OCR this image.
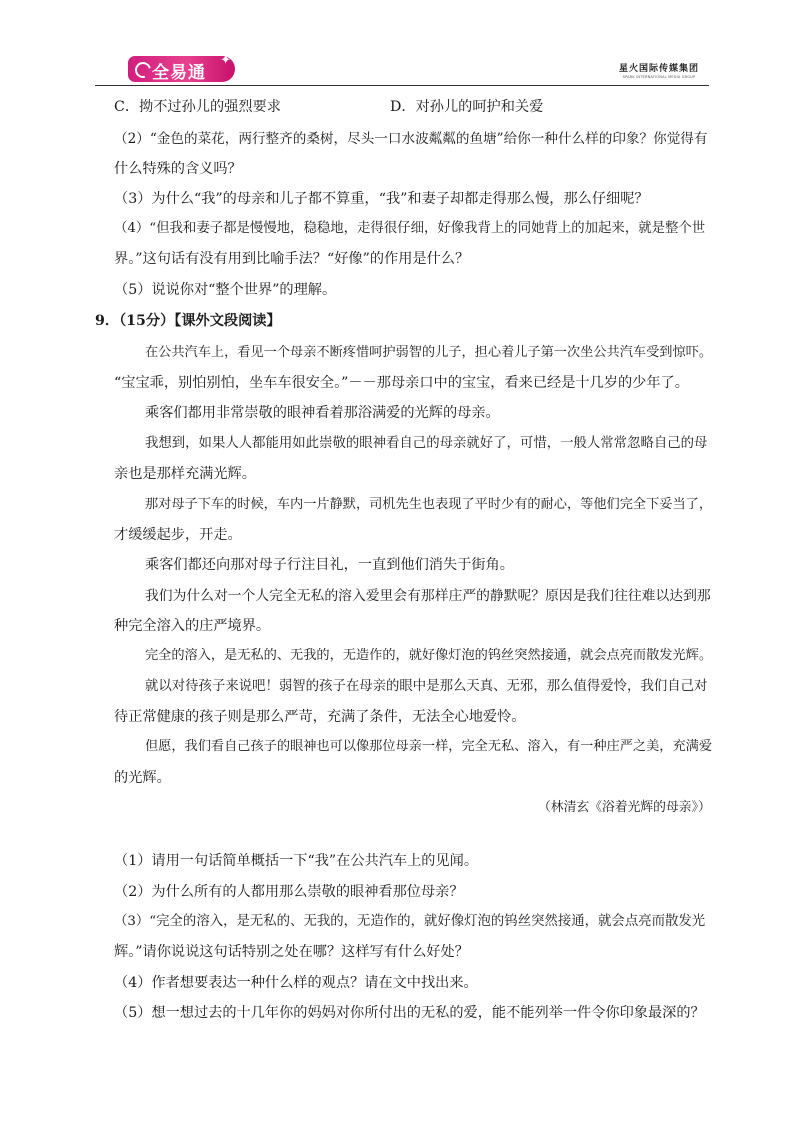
全易通
✦
星火国际传媒集团
SPARK INTERNATIONAL MEDIA GROUP
C．拗不过孙儿的强烈要求	D．对孙儿的呵护和关爱
（2）“金色的菜花，两行整齐的桑树，尽头一口水波粼粼的鱼塘”给你一种什么样的印象？你觉得有
什么特殊的含义吗？
（3）为什么“我”的母亲和儿子都不算重，“我”和妻子却都走得那么慢，那么仔细呢？
（4）“但我和妻子都是慢慢地，稳稳地，走得很仔细，好像我背上的同她背上的加起来，就是整个世
界。”这句话有没有用到比喻手法？“好像”的作用是什么？
（5）说说你对“整个世界”的理解。
9．（15分）【课外文段阅读】
在公共汽车上，看见一个母亲不断疼惜呵护弱智的儿子，担心着儿子第一次坐公共汽车受到惊吓。
“宝宝乖，别怕别怕，坐车车很安全。”－－那母亲口中的宝宝，看来已经是十几岁的少年了。
乘客们都用非常崇敬的眼神看着那浴满爱的光辉的母亲。
我想到，如果人人都能用如此崇敬的眼神看自己的母亲就好了，可惜，一般人常常忽略自己的母
亲也是那样充满光辉。
那对母子下车的时候，车内一片静默，司机先生也表现了平时少有的耐心，等他们完全下妥当了，
才缓缓起步，开走。
乘客们都还向那对母子行注目礼，一直到他们消失于街角。
我们为什么对一个人完全无私的溶入爱里会有那样庄严的静默呢？原因是我们往往难以达到那
种完全溶入的庄严境界。
完全的溶入，是无私的、无我的，无造作的，就好像灯泡的钨丝突然接通，就会点亮而散发光辉。
就以对待孩子来说吧！弱智的孩子在母亲的眼中是那么天真、无邪，那么值得爱怜，我们自己对
待正常健康的孩子则是那么严苛，充满了条件，无法全心地爱怜。
但愿，我们看自己孩子的眼神也可以像那位母亲一样，完全无私、溶入，有一种庄严之美，充满爱
的光辉。
（林清玄《浴着光辉的母亲》）
（1）请用一句话简单概括一下“我”在公共汽车上的见闻。
（2）为什么所有的人都用那么崇敬的眼神看那位母亲？
（3）“完全的溶入，是无私的、无我的，无造作的，就好像灯泡的钨丝突然接通，就会点亮而散发光
辉。”请你说说这句话特别之处在哪？这样写有什么好处？
（4）作者想要表达一种什么样的观点？请在文中找出来。
（5）想一想过去的十几年你的妈妈对你所付出的无私的爱，能不能列举一件令你印象最深的？
